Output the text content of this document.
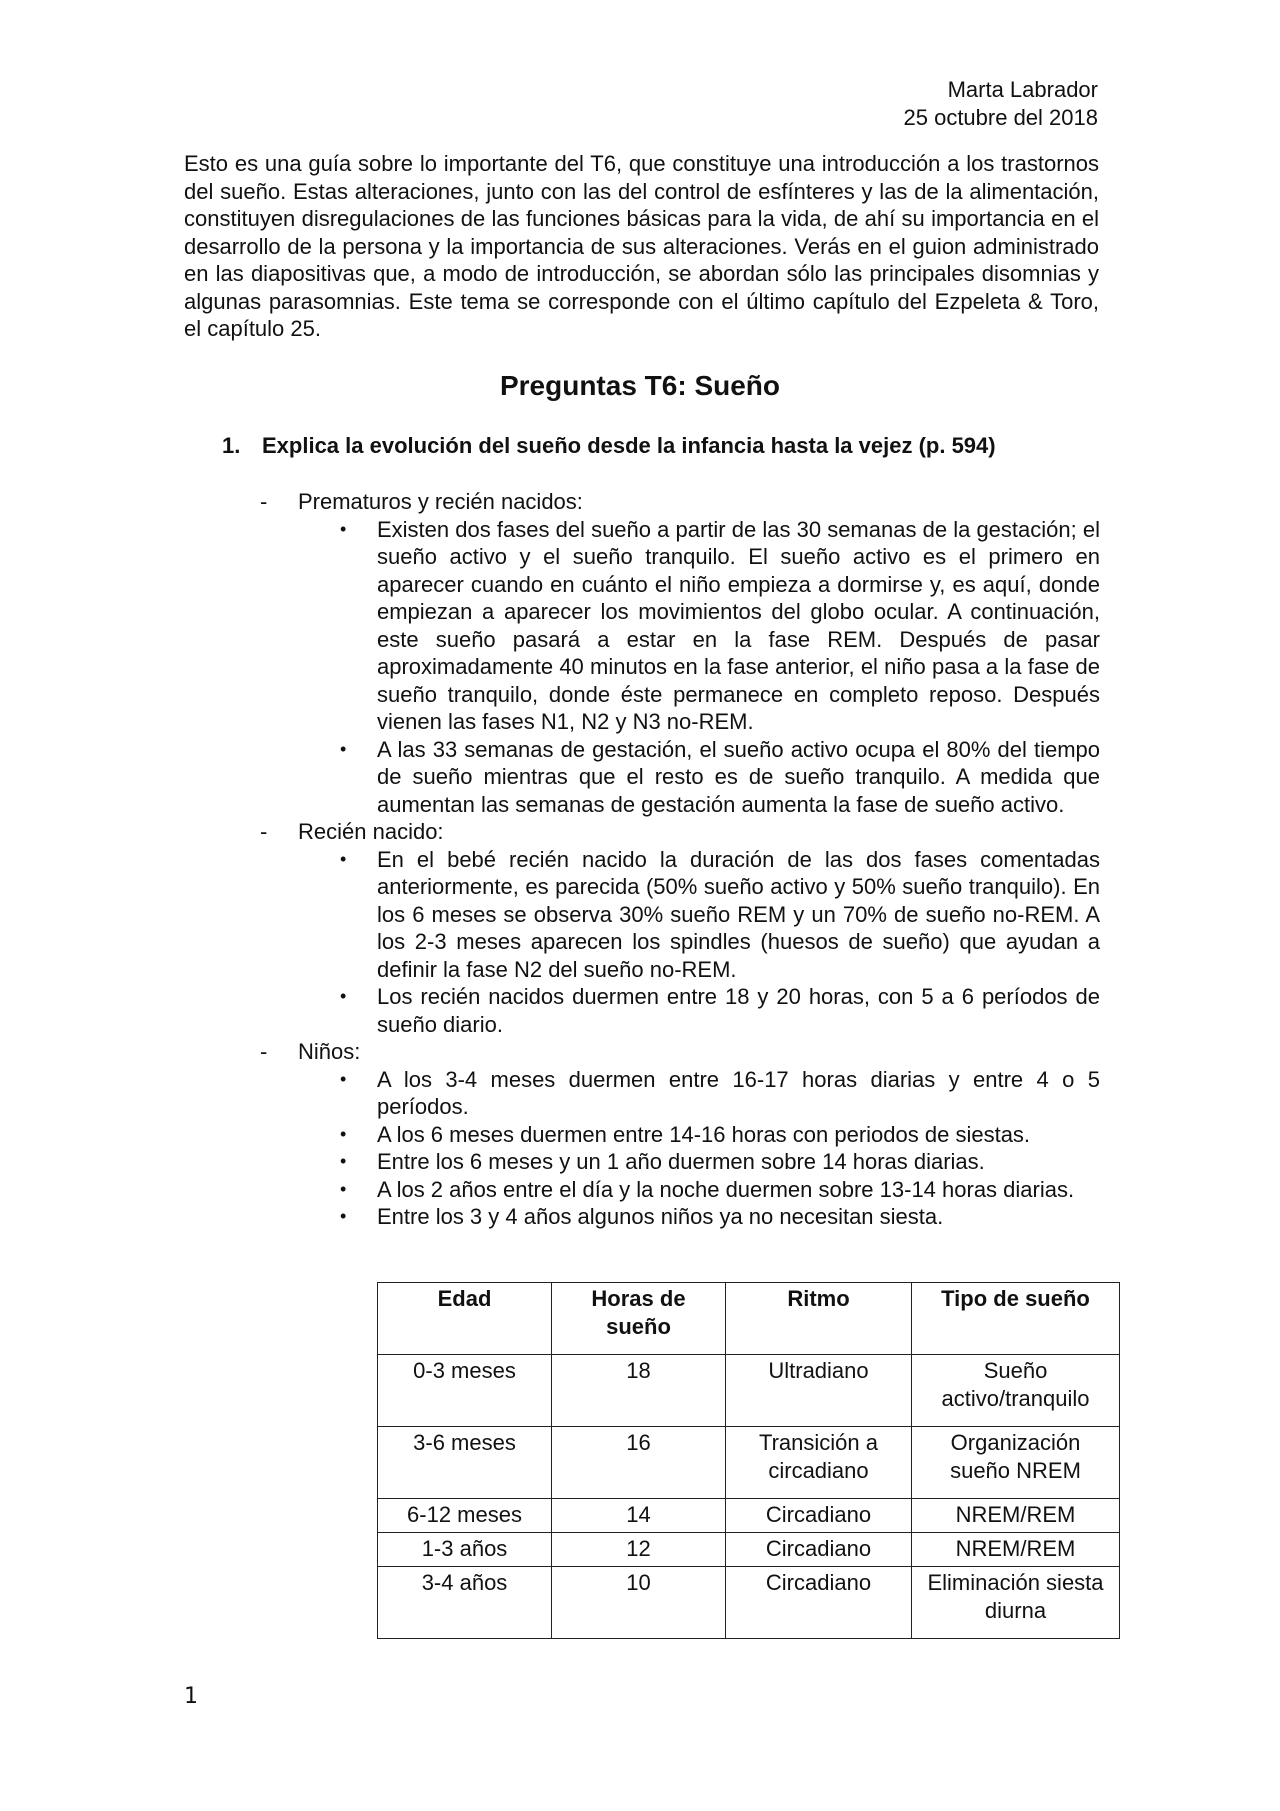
Marta Labrador
25 octubre del 2018
Esto es una guía sobre lo importante del T6, que constituye una introducción a los trastornos del sueño. Estas alteraciones, junto con las del control de esfínteres y las de la alimentación, constituyen disregulaciones de las funciones básicas para la vida, de ahí su importancia en el desarrollo de la persona y la importancia de sus alteraciones. Verás en el guion administrado en las diapositivas que, a modo de introducción, se abordan sólo las principales disomnias y algunas parasomnias. Este tema se corresponde con el último capítulo del Ezpeleta & Toro, el capítulo 25.
Preguntas T6: Sueño
1. Explica la evolución del sueño desde la infancia hasta la vejez (p. 594)
- Prematuros y recién nacidos:
• Existen dos fases del sueño a partir de las 30 semanas de la gestación; el sueño activo y el sueño tranquilo. El sueño activo es el primero en aparecer cuando en cuánto el niño empieza a dormirse y, es aquí, donde empiezan a aparecer los movimientos del globo ocular. A continuación, este sueño pasará a estar en la fase REM. Después de pasar aproximadamente 40 minutos en la fase anterior, el niño pasa a la fase de sueño tranquilo, donde éste permanece en completo reposo. Después vienen las fases N1, N2 y N3 no-REM.
• A las 33 semanas de gestación, el sueño activo ocupa el 80% del tiempo de sueño mientras que el resto es de sueño tranquilo. A medida que aumentan las semanas de gestación aumenta la fase de sueño activo.
- Recién nacido:
• En el bebé recién nacido la duración de las dos fases comentadas anteriormente, es parecida (50% sueño activo y 50% sueño tranquilo). En los 6 meses se observa 30% sueño REM y un 70% de sueño no-REM. A los 2-3 meses aparecen los spindles (huesos de sueño) que ayudan a definir la fase N2 del sueño no-REM.
• Los recién nacidos duermen entre 18 y 20 horas, con 5 a 6 períodos de sueño diario.
- Niños:
• A los 3-4 meses duermen entre 16-17 horas diarias y entre 4 o 5 períodos.
• A los 6 meses duermen entre 14-16 horas con periodos de siestas.
• Entre los 6 meses y un 1 año duermen sobre 14 horas diarias.
• A los 2 años entre el día y la noche duermen sobre 13-14 horas diarias.
• Entre los 3 y 4 años algunos niños ya no necesitan siesta.
Edad	Horas de sueño	Ritmo	Tipo de sueño
0-3 meses	18	Ultradiano	Sueño activo/tranquilo
3-6 meses	16	Transición a circadiano	Organización sueño NREM
6-12 meses	14	Circadiano	NREM/REM
1-3 años	12	Circadiano	NREM/REM
3-4 años	10	Circadiano	Eliminación siesta diurna
1
